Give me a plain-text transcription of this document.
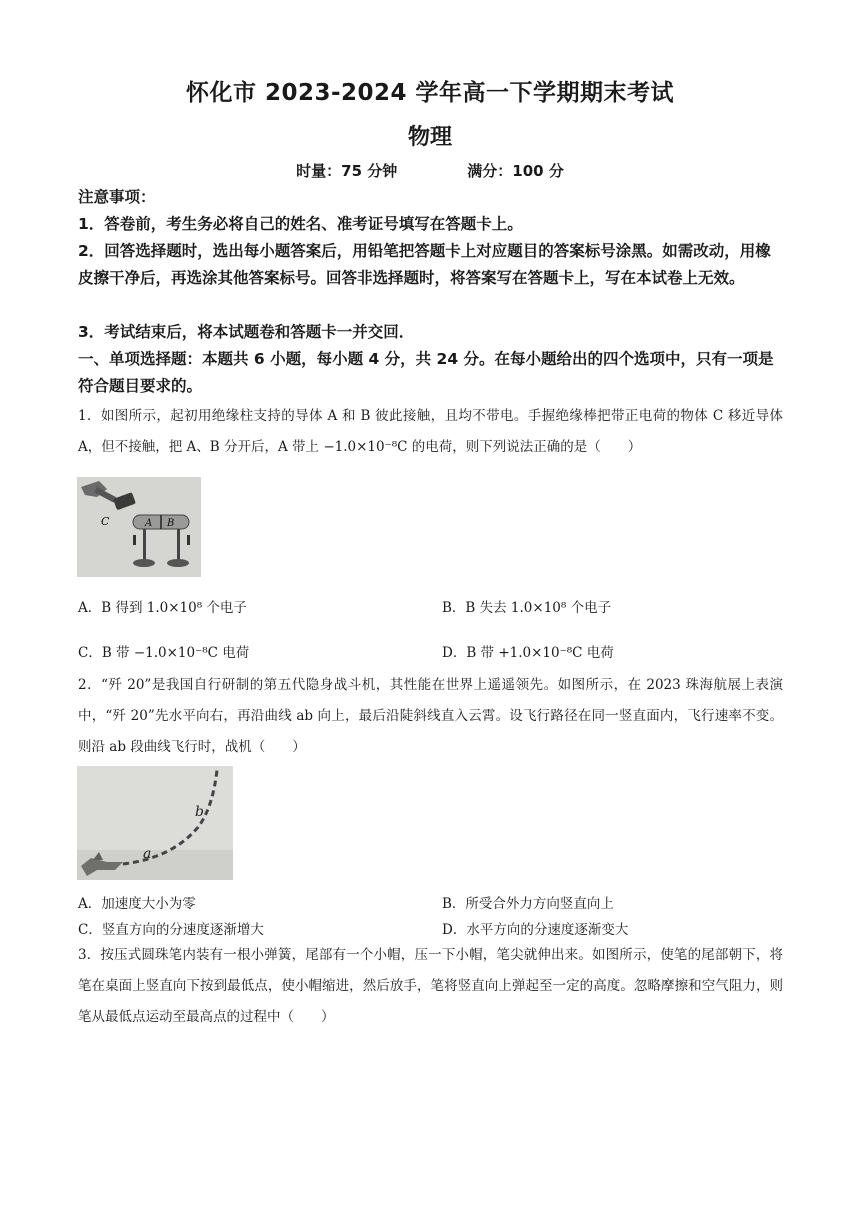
怀化市 2023-2024 学年高一下学期期末考试
物理
时量：75 分钟	满分：100 分
注意事项：
1．答卷前，考生务必将自己的姓名、准考证号填写在答题卡上。
2．回答选择题时，选出每小题答案后，用铅笔把答题卡上对应题目的答案标号涂黑。如需改动，用橡皮擦干净后，再选涂其他答案标号。回答非选择题时，将答案写在答题卡上，写在本试卷上无效。
3．考试结束后，将本试题卷和答题卡一并交回．
一、单项选择题：本题共 6 小题，每小题 4 分，共 24 分。在每小题给出的四个选项中，只有一项是符合题目要求的。
1．如图所示，起初用绝缘柱支持的导体 A 和 B 彼此接触，且均不带电。手握绝缘棒把带正电荷的物体 C 移近导体 A，但不接触，把 A、B 分开后，A 带上 −1.0×10⁻⁸C 的电荷，则下列说法正确的是（　　）
C	A B
A．B 得到 1.0×10⁸ 个电子	B．B 失去 1.0×10⁸ 个电子
C．B 带 −1.0×10⁻⁸C 电荷	D．B 带 +1.0×10⁻⁸C 电荷
2．“歼 20”是我国自行研制的第五代隐身战斗机，其性能在世界上遥遥领先。如图所示，在 2023 珠海航展上表演中，“歼 20”先水平向右，再沿曲线 ab 向上，最后沿陡斜线直入云霄。设飞行路径在同一竖直面内，飞行速率不变。则沿 ab 段曲线飞行时，战机（　　）
a
b
A．加速度大小为零	B．所受合外力方向竖直向上
C．竖直方向的分速度逐渐增大	D．水平方向的分速度逐渐变大
3．按压式圆珠笔内装有一根小弹簧，尾部有一个小帽，压一下小帽，笔尖就伸出来。如图所示，使笔的尾部朝下，将笔在桌面上竖直向下按到最低点，使小帽缩进，然后放手，笔将竖直向上弹起至一定的高度。忽略摩擦和空气阻力，则笔从最低点运动至最高点的过程中（　　）
